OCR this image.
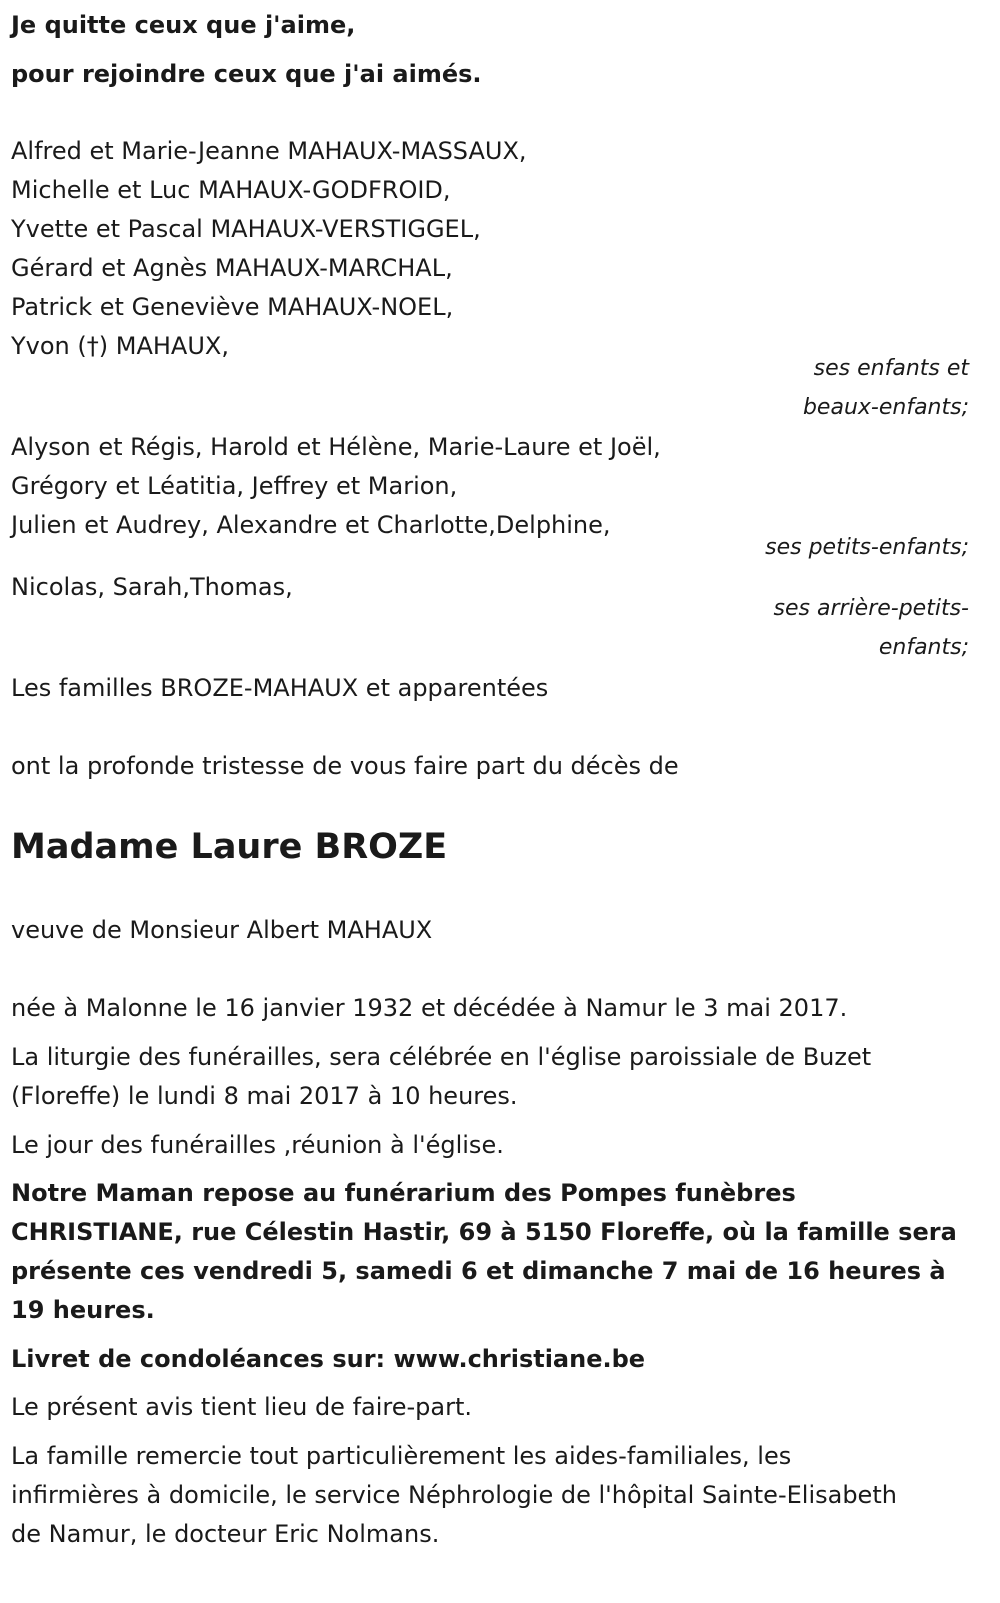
Je quitte ceux que j'aime,
pour rejoindre ceux que j'ai aimés.
Alfred et Marie-Jeanne MAHAUX-MASSAUX,
Michelle et Luc MAHAUX-GODFROID,
Yvette et Pascal MAHAUX-VERSTIGGEL,
Gérard et Agnès MAHAUX-MARCHAL,
Patrick et Geneviève MAHAUX-NOEL,
Yvon (†) MAHAUX,
ses enfants et
beaux-enfants;
Alyson et Régis, Harold et Hélène, Marie-Laure et Joël,
Grégory et Léatitia, Jeffrey et Marion,
Julien et Audrey, Alexandre et Charlotte,Delphine,
ses petits-enfants;
Nicolas, Sarah,Thomas,
ses arrière-petits-
enfants;
Les familles BROZE-MAHAUX et apparentées
ont la profonde tristesse de vous faire part du décès de
Madame Laure BROZE
veuve de Monsieur Albert MAHAUX
née à Malonne le 16 janvier 1932 et décédée à Namur le 3 mai 2017.
La liturgie des funérailles, sera célébrée en l'église paroissiale de Buzet
(Floreffe) le lundi 8 mai 2017 à 10 heures.
Le jour des funérailles ,réunion à l'église.
Notre Maman repose au funérarium des Pompes funèbres
CHRISTIANE, rue Célestin Hastir, 69 à 5150 Floreffe, où la famille sera
présente ces vendredi 5, samedi 6 et dimanche 7 mai de 16 heures à
19 heures.
Livret de condoléances sur: www.christiane.be
Le présent avis tient lieu de faire-part.
La famille remercie tout particulièrement les aides-familiales, les
infirmières à domicile, le service Néphrologie de l'hôpital Sainte-Elisabeth
de Namur, le docteur Eric Nolmans.
